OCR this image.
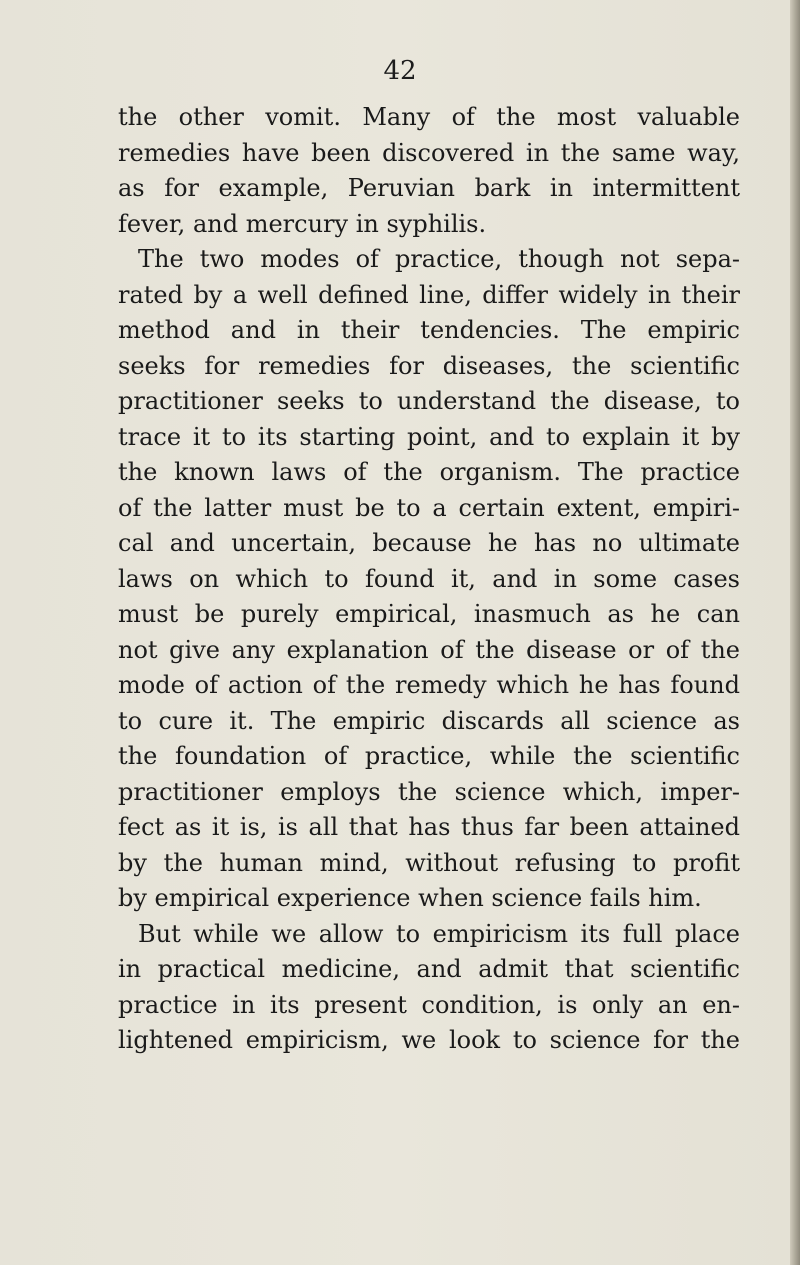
42

the other vomit. Many of the most valuable
remedies have been discovered in the same way,
as for example, Peruvian bark in intermittent
fever, and mercury in syphilis.
The two modes of practice, though not sepa-
rated by a well defined line, differ widely in their
method and in their tendencies. The empiric
seeks for remedies for diseases, the scientific
practitioner seeks to understand the disease, to
trace it to its starting point, and to explain it by
the known laws of the organism. The practice
of the latter must be to a certain extent, empiri-
cal and uncertain, because he has no ultimate
laws on which to found it, and in some cases
must be purely empirical, inasmuch as he can
not give any explanation of the disease or of the
mode of action of the remedy which he has found
to cure it. The empiric discards all science as
the foundation of practice, while the scientific
practitioner employs the science which, imper-
fect as it is, is all that has thus far been attained
by the human mind, without refusing to profit
by empirical experience when science fails him.
But while we allow to empiricism its full place
in practical medicine, and admit that scientific
practice in its present condition, is only an en-
lightened empiricism, we look to science for the
